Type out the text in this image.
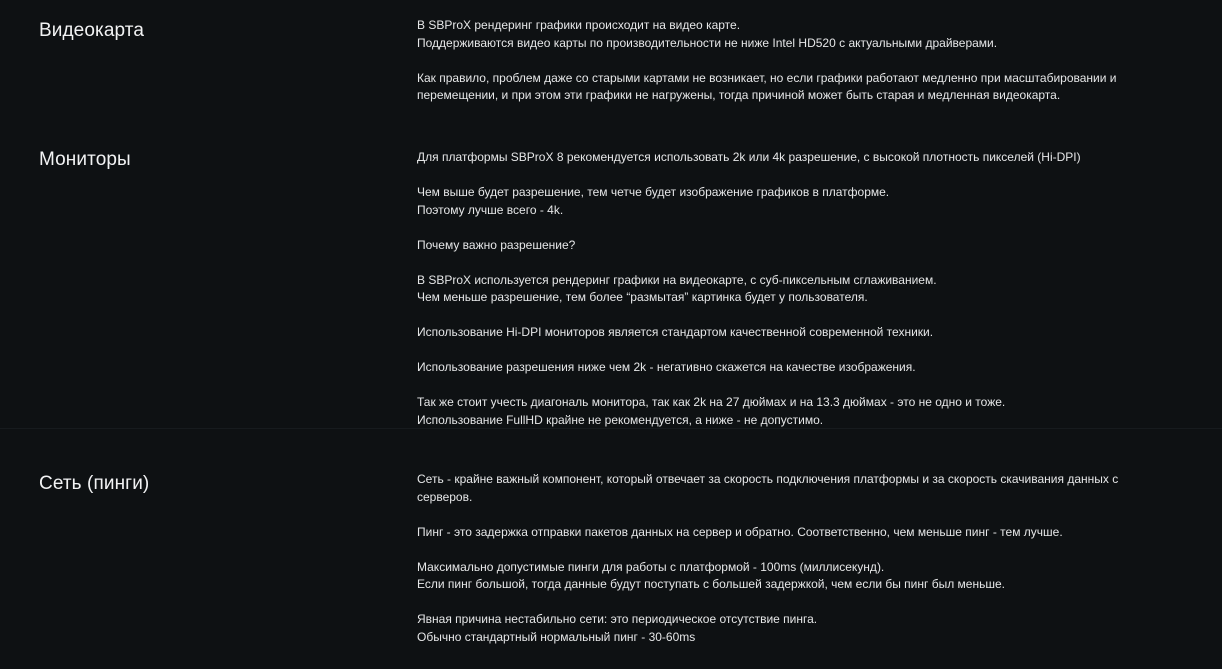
Видеокарта	В SBProX рендеринг графики происходит на видео карте.
Поддерживаются видео карты по производительности не ниже Intel HD520 с актуальными драйверами.

Как правило, проблем даже со старыми картами не возникает, но если графики работают медленно при масштабировании и
перемещении, и при этом эти графики не нагружены, тогда причиной может быть старая и медленная видеокарта.

Мониторы	Для платформы SBProX 8 рекомендуется использовать 2k или 4k разрешение, с высокой плотность пикселей (Hi-DPI)

Чем выше будет разрешение, тем четче будет изображение графиков в платформе.
Поэтому лучше всего - 4k.

Почему важно разрешение?

В SBProX используется рендеринг графики на видеокарте, с суб-пиксельным сглаживанием.
Чем меньше разрешение, тем более “размытая” картинка будет у пользователя.

Использование Hi-DPI мониторов является стандартом качественной современной техники.

Использование разрешения ниже чем 2k - негативно скажется на качестве изображения.

Так же стоит учесть диагональ монитора, так как 2k на 27 дюймах и на 13.3 дюймах - это не одно и тоже.
Использование FullHD крайне не рекомендуется, а ниже - не допустимо.

Сеть (пинги)	Сеть - крайне важный компонент, который отвечает за скорость подключения платформы и за скорость скачивания данных с
серверов.

Пинг - это задержка отправки пакетов данных на сервер и обратно. Соответственно, чем меньше пинг - тем лучше.

Максимально допустимые пинги для работы с платформой - 100ms (миллисекунд).
Если пинг большой, тогда данные будут поступать с большей задержкой, чем если бы пинг был меньше.

Явная причина нестабильно сети: это периодическое отсутствие пинга.
Обычно стандартный нормальный пинг - 30-60ms
